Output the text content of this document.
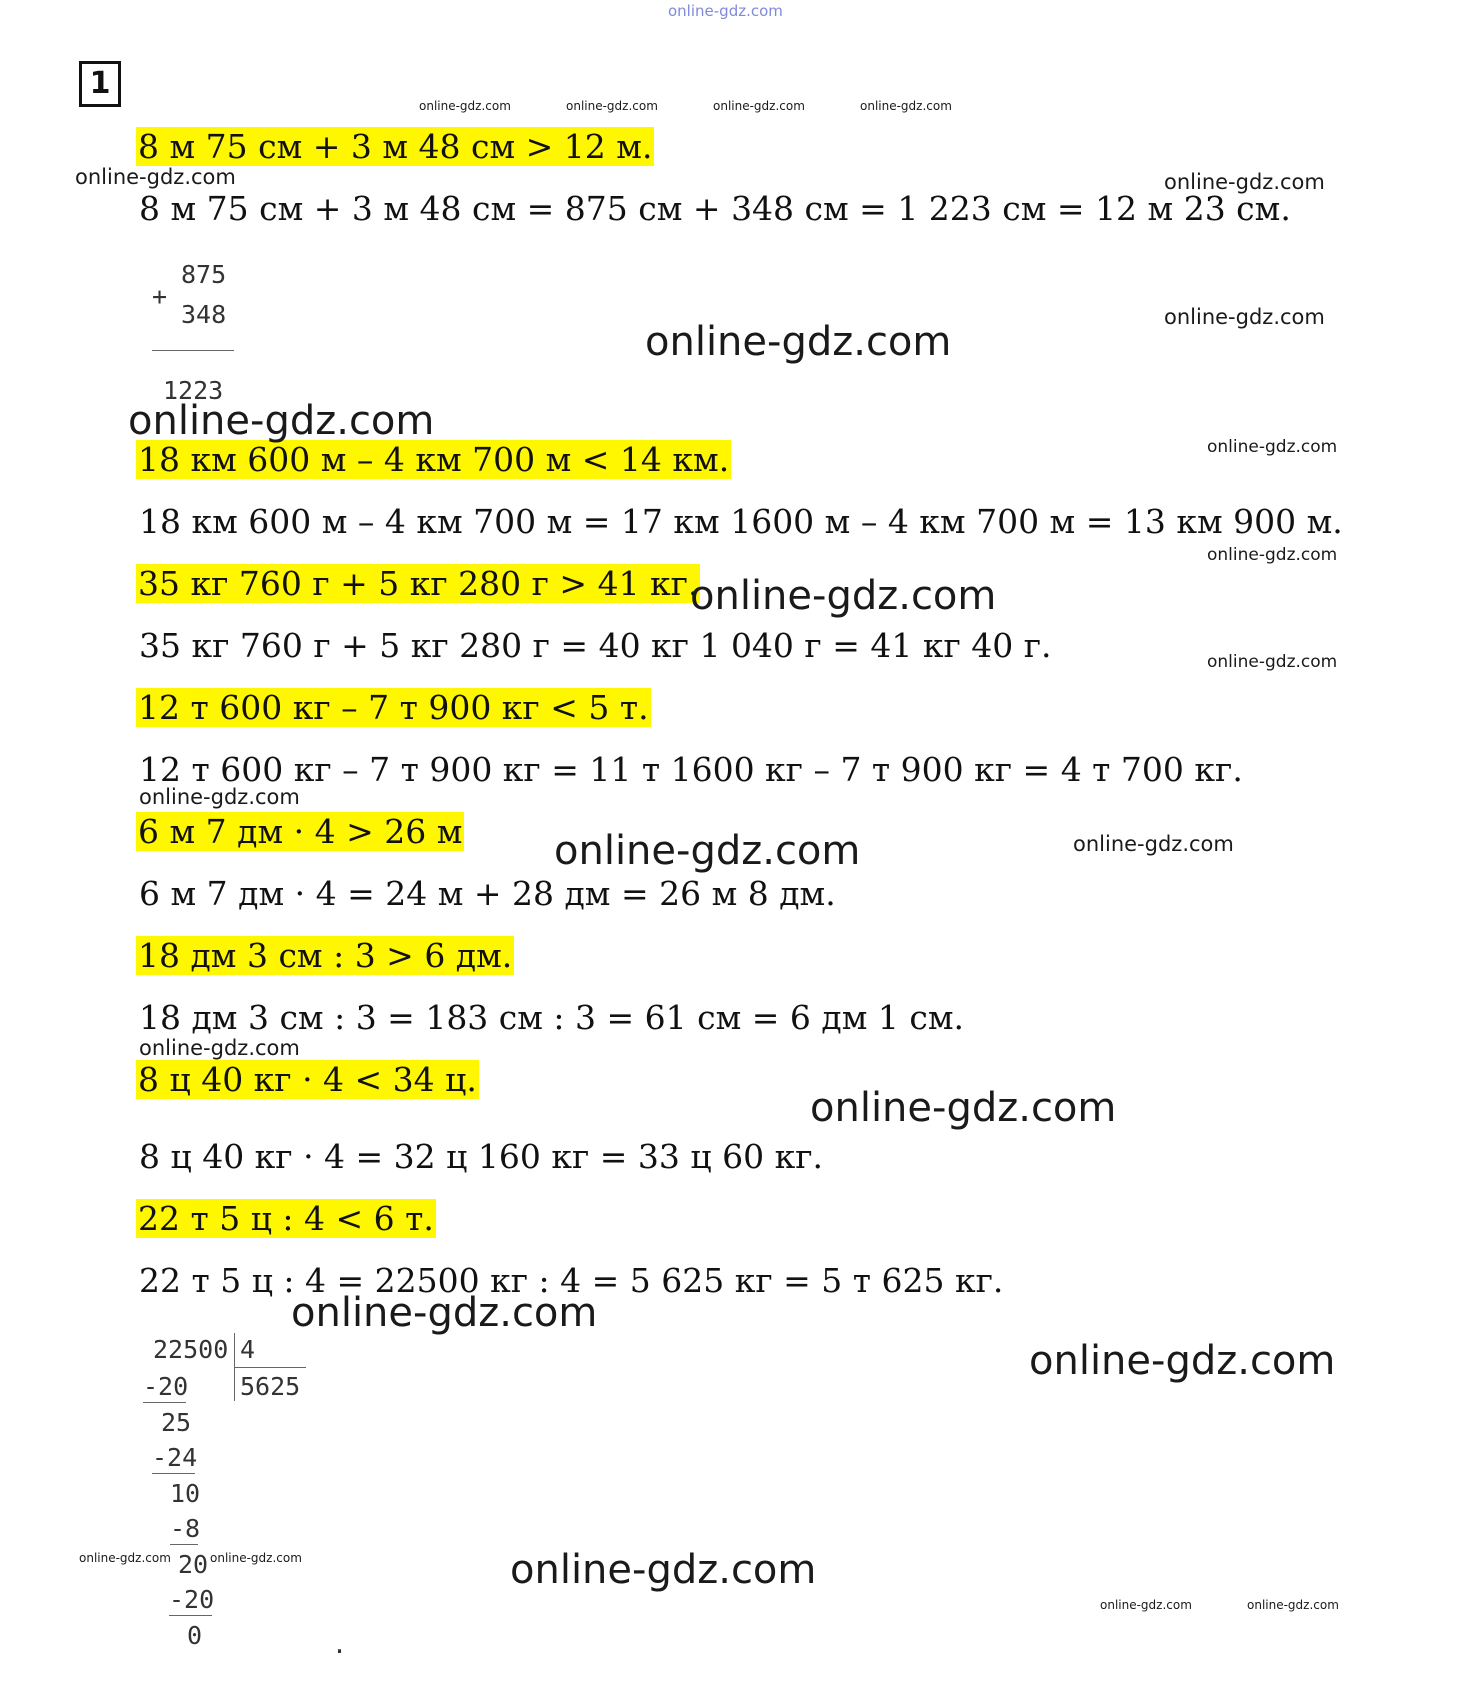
online-gdz.com
1
8 м 75 см + 3 м 48 см > 12 м.
8 м 75 см + 3 м 48 см = 875 см + 348 см = 1 223 см = 12 м 23 см.
18 км 600 м – 4 км 700 м < 14 км.
18 км 600 м – 4 км 700 м = 17 км 1600 м – 4 км 700 м = 13 км 900 м.
35 кг 760 г + 5 кг 280 г > 41 кг.
35 кг 760 г + 5 кг 280 г = 40 кг 1 040 г = 41 кг 40 г.
12 т 600 кг – 7 т 900 кг < 5 т.
12 т 600 кг – 7 т 900 кг = 11 т 1600 кг – 7 т 900 кг = 4 т 700 кг.
6 м 7 дм · 4 > 26 м
6 м 7 дм · 4 = 24 м + 28 дм = 26 м 8 дм.
18 дм 3 см : 3 > 6 дм.
18 дм 3 см : 3 = 183 см : 3 = 61 см = 6 дм 1 см.
8 ц 40 кг · 4 < 34 ц.
8 ц 40 кг · 4 = 32 ц 160 кг = 33 ц 60 кг.
22 т 5 ц : 4 < 6 т.
22 т 5 ц : 4 = 22500 кг : 4 = 5 625 кг = 5 т 625 кг.
875
+
348
1223
22500 4
5625
-20
25
-24
10
-8
20
-20
0	.
online-gdz.com	online-gdz.com	online-gdz.com	online-gdz.com
online-gdz.com	online-gdz.com
online-gdz.com
online-gdz.com
online-gdz.com
online-gdz.com
online-gdz.com
online-gdz.com
online-gdz.com
online-gdz.com
online-gdz.com	online-gdz.com
online-gdz.com
online-gdz.com
online-gdz.com
online-gdz.com
online-gdz.com	online-gdz.com	online-gdz.com
online-gdz.com	online-gdz.com
